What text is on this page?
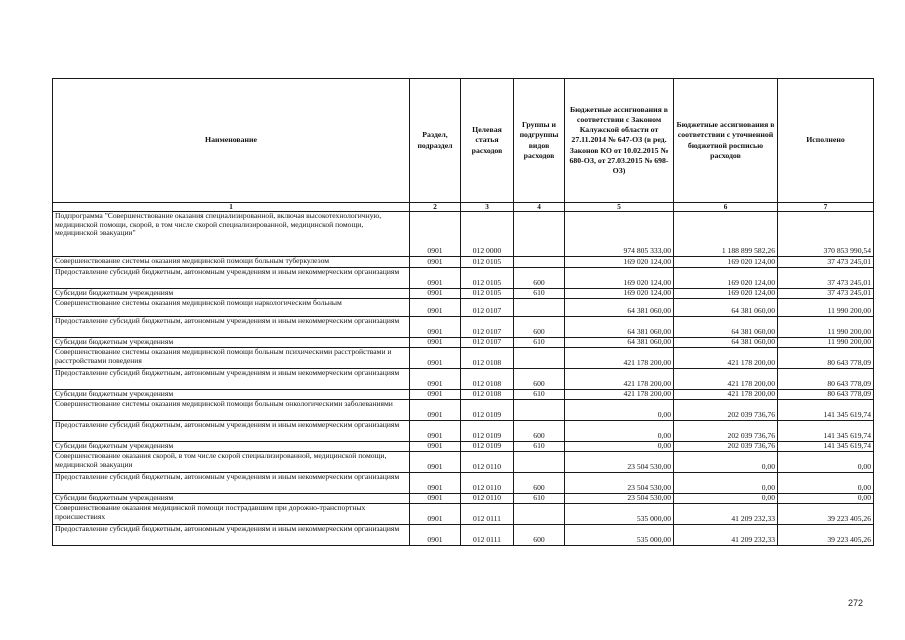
Наименование	Раздел, подраздел	Целевая статья расходов	Группы и подгруппы видов расходов	Бюджетные ассигнования в соответствии с Законом Калужской области от 27.11.2014 № 647-ОЗ (в ред. Законов КО от 10.02.2015 № 680-ОЗ, от 27.03.2015 № 698-ОЗ)	Бюджетные ассигнования в соответствии с уточненной бюджетной росписью расходов	Исполнено
1	2	3	4	5	6	7
Подпрограмма "Совершенствование оказания специализированной, включая высокотехнологичную, медицинской помощи, скорой, в том числе скорой специализированной, медицинской помощи, медицинской эвакуации"	0901	012 0000		974 805 333,00	1 188 899 582,26	370 853 990,54
Совершенствование системы оказания медицинской помощи больным туберкулезом	0901	012 0105		169 020 124,00	169 020 124,00	37 473 245,01
Предоставление субсидий бюджетным, автономным учреждениям и иным некоммерческим организациям	0901	012 0105	600	169 020 124,00	169 020 124,00	37 473 245,01
Субсидии бюджетным учреждениям	0901	012 0105	610	169 020 124,00	169 020 124,00	37 473 245,01
Совершенствование системы оказания медицинской помощи наркологическим больным	0901	012 0107		64 381 060,00	64 381 060,00	11 990 200,00
Предоставление субсидий бюджетным, автономным учреждениям и иным некоммерческим организациям	0901	012 0107	600	64 381 060,00	64 381 060,00	11 990 200,00
Субсидии бюджетным учреждениям	0901	012 0107	610	64 381 060,00	64 381 060,00	11 990 200,00
Совершенствование системы оказания медицинской помощи больным психическими расстройствами и расстройствами поведения	0901	012 0108		421 178 200,00	421 178 200,00	80 643 778,09
Предоставление субсидий бюджетным, автономным учреждениям и иным некоммерческим организациям	0901	012 0108	600	421 178 200,00	421 178 200,00	80 643 778,09
Субсидии бюджетным учреждениям	0901	012 0108	610	421 178 200,00	421 178 200,00	80 643 778,09
Совершенствование системы оказания медицинской помощи больным онкологическими заболеваниями	0901	012 0109		0,00	202 039 736,76	141 345 619,74
Предоставление субсидий бюджетным, автономным учреждениям и иным некоммерческим организациям	0901	012 0109	600	0,00	202 039 736,76	141 345 619,74
Субсидии бюджетным учреждениям	0901	012 0109	610	0,00	202 039 736,76	141 345 619,74
Совершенствование оказания скорой, в том числе скорой специализированной, медицинской помощи, медицинской эвакуации	0901	012 0110		23 504 530,00	0,00	0,00
Предоставление субсидий бюджетным, автономным учреждениям и иным некоммерческим организациям	0901	012 0110	600	23 504 530,00	0,00	0,00
Субсидии бюджетным учреждениям	0901	012 0110	610	23 504 530,00	0,00	0,00
Совершенствование оказания медицинской помощи пострадавшим при дорожно-транспортных происшествиях	0901	012 0111		535 000,00	41 209 232,33	39 223 405,26
Предоставление субсидий бюджетным, автономным учреждениям и иным некоммерческим организациям	0901	012 0111	600	535 000,00	41 209 232,33	39 223 405,26
272
